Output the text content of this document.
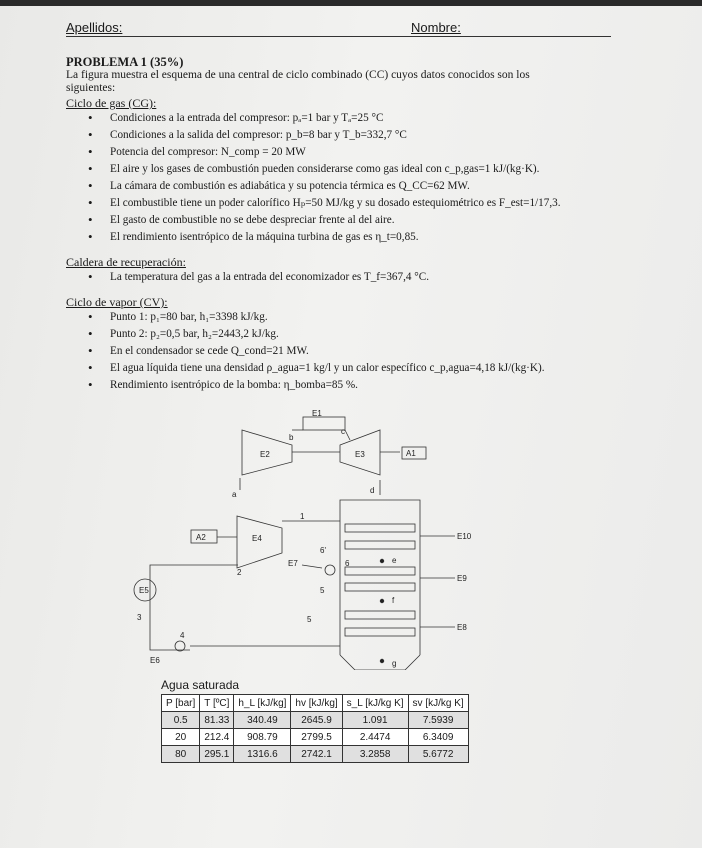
Apellidos:	Nombre:
PROBLEMA 1 (35%)
La figura muestra el esquema de una central de ciclo combinado (CC) cuyos datos conocidos son los
siguientes:
Ciclo de gas (CG):
• Condiciones a la entrada del compresor: pₐ=1 bar y Tₐ=25 °C
• Condiciones a la salida del compresor: p_b=8 bar y T_b=332,7 °C
• Potencia del compresor: N_comp = 20 MW
• El aire y los gases de combustión pueden considerarse como gas ideal con c_p,gas=1 kJ/(kg·K).
• La cámara de combustión es adiabática y su potencia térmica es Q_CC=62 MW.
• El combustible tiene un poder calorífico Hₚ=50 MJ/kg y su dosado estequiométrico es F_est=1/17,3.
• El gasto de combustible no se debe despreciar frente al del aire.
• El rendimiento isentrópico de la máquina turbina de gas es η_t=0,85.
Caldera de recuperación:
• La temperatura del gas a la entrada del economizador es T_f=367,4 °C.
Ciclo de vapor (CV):
• Punto 1: p₁=80 bar, h₁=3398 kJ/kg.
• Punto 2: p₂=0,5 bar, h₂=2443,2 kJ/kg.
• En el condensador se cede Q_cond=21 MW.
• El agua líquida tiene una densidad ρ_agua=1 kg/l y un calor específico c_p,agua=4,18 kJ/(kg·K).
• Rendimiento isentrópico de la bomba: η_bomba=85 %.
E1
E2	E3	A1
b
c
a	d
E10
E9
E8
e
f
g
E4
A2
1
2
E7
6'
6
5
5
E5
3
E6
4
Agua saturada
P [bar]	T [ºC]	h_L [kJ/kg]	hv [kJ/kg]	s_L [kJ/kg K]	sv [kJ/kg K]
0.5	81.33	340.49	2645.9	1.091	7.5939
20	212.4	908.79	2799.5	2.4474	6.3409
80	295.1	1316.6	2742.1	3.2858	5.6772
